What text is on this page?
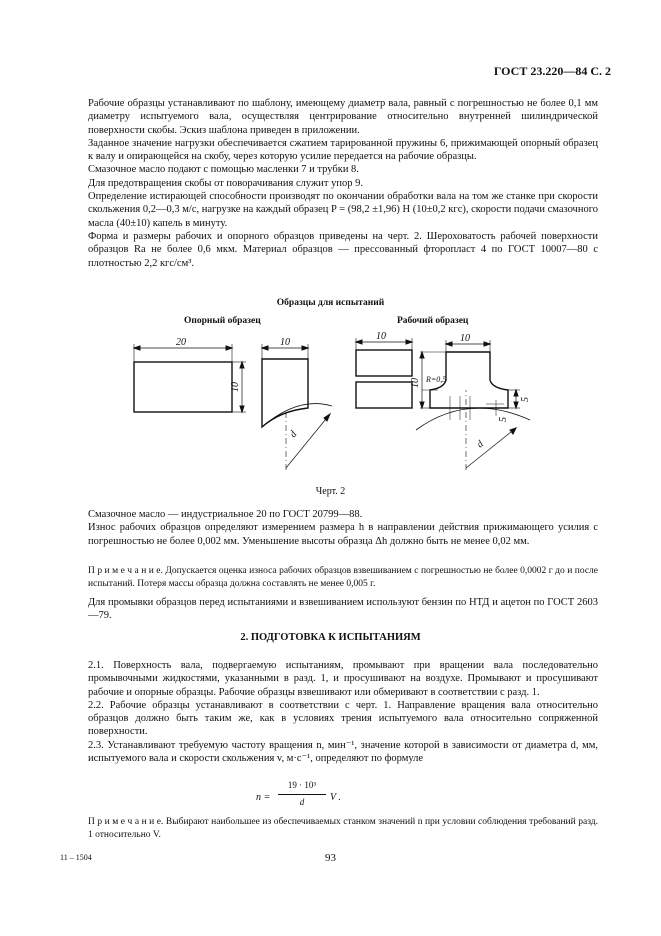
ГОСТ 23.220—84 С. 2

Рабочие образцы устанавливают по шаблону, имеющему диаметр вала, равный с погрешностью не более 0,1 мм диаметру испытуемого вала, осуществляя центрирование относительно внутренней шилиндрической поверхности скобы. Эскиз шаблона приведен в приложении.

Заданное значение нагрузки обеспечивается сжатием тарированной пружины 6, прижимающей опорный образец к валу и опирающейся на скобу, через которую усилие передается на рабочие образцы.

Смазочное масло подают с помощью масленки 7 и трубки 8.

Для предотвращения скобы от поворачивания служит упор 9.

Определение истирающей способности производят по окончании обработки вала на том же станке при скорости скольжения 0,2—0,3 м/с, нагрузке на каждый образец P = (98,2 ±1,96) Н (10±0,2 кгс), скорости подачи смазочного масла (40±10) капель в минуту.

Форма и размеры рабочих и опорного образцов приведены на черт. 2. Шероховатость рабочей поверхности образцов Ra не более 0,6 мкм. Материал образцов — прессованный фторопласт 4 по ГОСТ 10007—80 с плотностью 2,2 кгс/см³.

Образцы для испытаний
Опорный образец	Рабочий образец
20	10
10
d
10	10
10 R=0,5
5
5
d
Черт. 2

Смазочное масло — индустриальное 20 по ГОСТ 20799—88.

Износ рабочих образцов определяют измерением размера h в направлении действия прижимающего усилия с погрешностью не более 0,002 мм. Уменьшение высоты образца Δh должно быть не менее 0,02 мм.

П р и м е ч а н и е. Допускается оценка износа рабочих образцов взвешиванием с погрешностью не более 0,0002 г до и после испытаний. Потеря массы образца должна составлять не менее 0,005 г.

Для промывки образцов перед испытаниями и взвешиванием используют бензин по НТД и ацетон по ГОСТ 2603—79.

2. ПОДГОТОВКА К ИСПЫТАНИЯМ

2.1. Поверхность вала, подвергаемую испытаниям, промывают при вращении вала последовательно промывочными жидкостями, указанными в разд. 1, и просушивают на воздухе. Промывают и просушивают рабочие и опорные образцы. Рабочие образцы взвешивают или обмеривают в соответствии с разд. 1.

2.2. Рабочие образцы устанавливают в соответствии с черт. 1. Направление вращения вала относительно образцов должно быть таким же, как в условиях трения испытуемого вала относительно сопряженной поверхности.

2.3. Устанавливают требуемую частоту вращения n, мин⁻¹, значение которой в зависимости от диаметра d, мм, испытуемого вала и скорости скольжения v, м·с⁻¹, определяют по формуле

n =
19 · 10³
d	V .

П р и м е ч а н и е. Выбирают наибольшее из обеспечиваемых станком значений n при условии соблюдения требований разд. 1 относительно V.

11 – 1504	93
